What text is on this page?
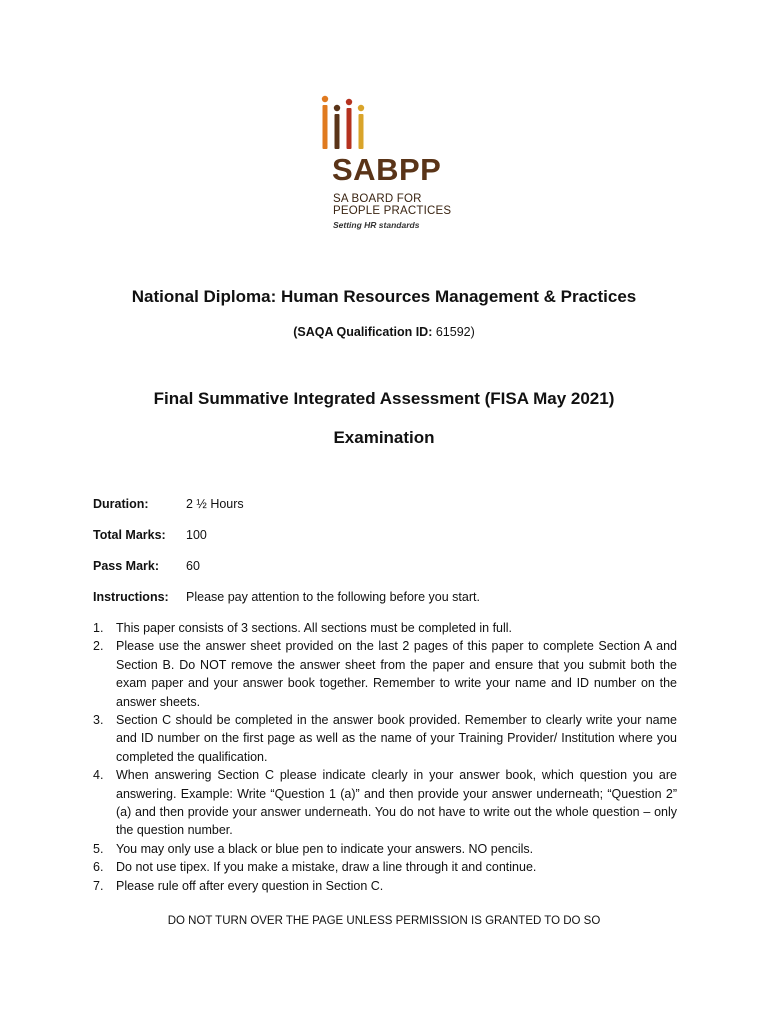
SABPP
SA BOARD FOR
PEOPLE PRACTICES
Setting HR standards
National Diploma: Human Resources Management & Practices
(SAQA Qualification ID: 61592)
Final Summative Integrated Assessment (FISA May 2021)
Examination
Duration:	2 ½ Hours
Total Marks: 100
Pass Mark: 60
Instructions: Please pay attention to the following before you start.
1. This paper consists of 3 sections. All sections must be completed in full.
2. Please use the answer sheet provided on the last 2 pages of this paper to complete Section A and Section B. Do NOT remove the answer sheet from the paper and ensure that you submit both the exam paper and your answer book together. Remember to write your name and ID number on the answer sheets.
3. Section C should be completed in the answer book provided. Remember to clearly write your name and ID number on the first page as well as the name of your Training Provider/ Institution where you completed the qualification.
4. When answering Section C please indicate clearly in your answer book, which question you are answering. Example: Write “Question 1 (a)” and then provide your answer underneath; “Question 2” (a) and then provide your answer underneath. You do not have to write out the whole question – only the question number.
5. You may only use a black or blue pen to indicate your answers. NO pencils.
6. Do not use tipex. If you make a mistake, draw a line through it and continue.
7. Please rule off after every question in Section C.
DO NOT TURN OVER THE PAGE UNLESS PERMISSION IS GRANTED TO DO SO
